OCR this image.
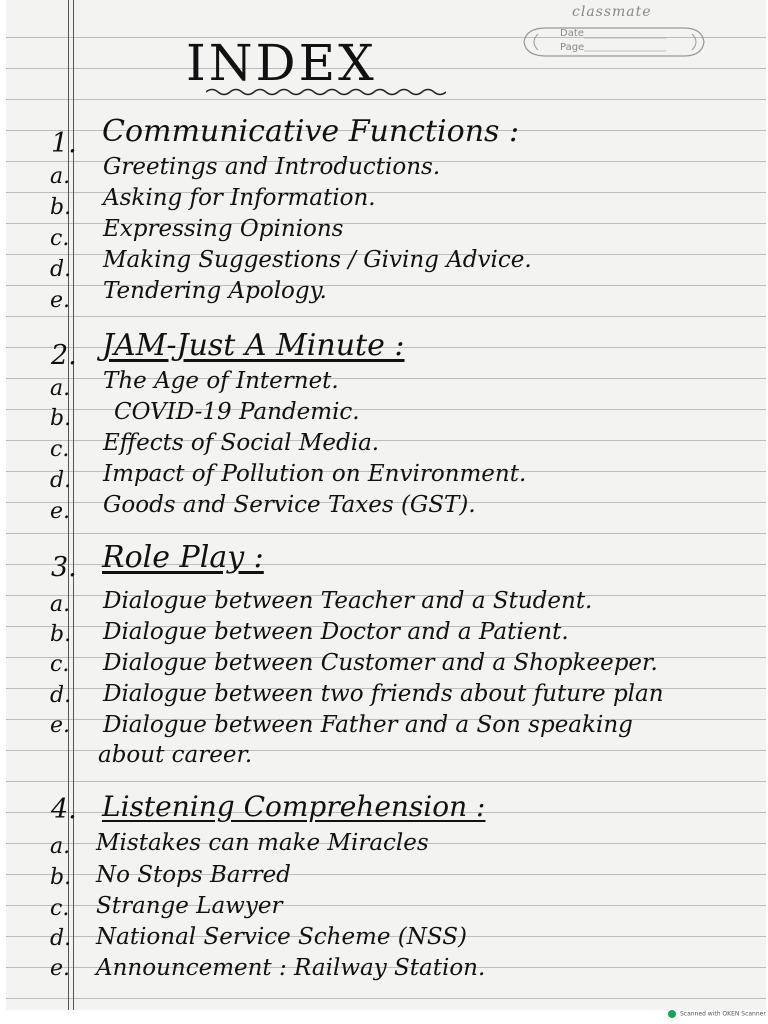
classmate
Date
Page
INDEX
1. Communicative Functions :
a. Greetings and Introductions.
b. Asking for Information.
c. Expressing Opinions
d. Making Suggestions / Giving Advice.
e. Tendering Apology.
2. JAM-Just A Minute :
a. The Age of Internet.
b. COVID-19 Pandemic.
c. Effects of Social Media.
d. Impact of Pollution on Environment.
e. Goods and Service Taxes (GST).
3. Role Play :
a. Dialogue between Teacher and a Student.
b. Dialogue between Doctor and a Patient.
c. Dialogue between Customer and a Shopkeeper.
d. Dialogue between two friends about future plan
e. Dialogue between Father and a Son speaking
about career.
4. Listening Comprehension :
a. Mistakes can make Miracles
b. No Stops Barred
c. Strange Lawyer
d. National Service Scheme (NSS)
e. Announcement : Railway Station.
Scanned with OKEN Scanner
